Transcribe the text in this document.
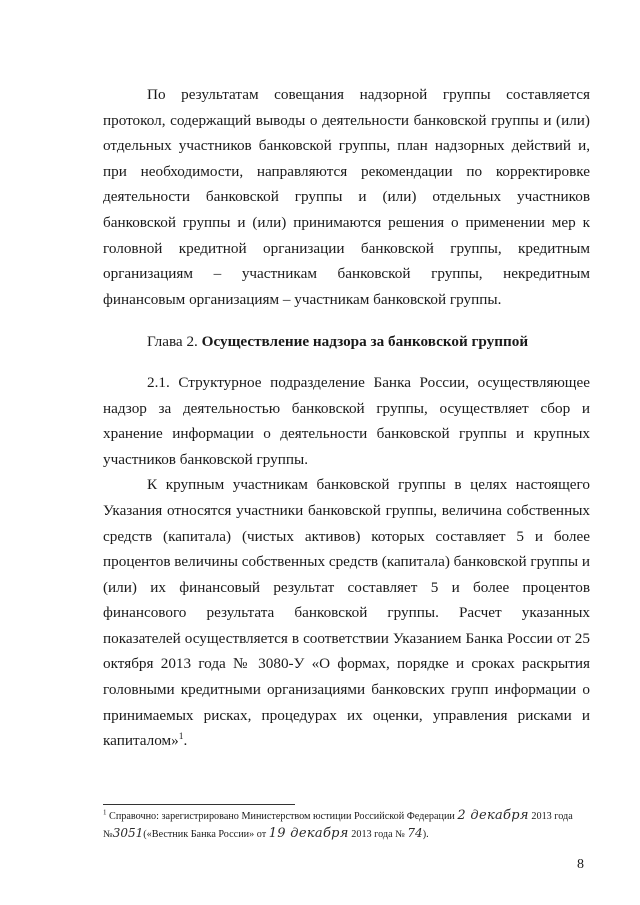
По результатам совещания надзорной группы составляется протокол, содержащий выводы о деятельности банковской группы и (или) отдельных участников банковской группы, план надзорных действий и, при необходимости, направляются рекомендации по корректировке деятельности банковской группы и (или) отдельных участников банковской группы и (или) принимаются решения о применении мер к головной кредитной организации банковской группы, кредитным организациям – участникам банковской группы, некредитным финансовым организациям – участникам банковской группы.

Глава 2. Осуществление надзора за банковской группой

2.1. Структурное подразделение Банка России, осуществляющее надзор за деятельностью банковской группы, осуществляет сбор и хранение информации о деятельности банковской группы и крупных участников банковской группы.

К крупным участникам банковской группы в целях настоящего Указания относятся участники банковской группы, величина собственных средств (капитала) (чистых активов) которых составляет 5 и более процентов величины собственных средств (капитала) банковской группы и (или) их финансовый результат составляет 5 и более процентов финансового результата банковской группы. Расчет указанных показателей осуществляется в соответствии Указанием Банка России от 25 октября 2013 года № 3080-У «О формах, порядке и сроках раскрытия головными кредитными организациями банковских групп информации о принимаемых рисках, процедурах их оценки, управления рисками и капиталом»$^1$.

$^1$ Справочно: зарегистрировано Министерством юстиции Российской Федерации 2 декабря 2013 года
№3051(«Вестник Банка России» от 19 декабря 2013 года № 74).
8
